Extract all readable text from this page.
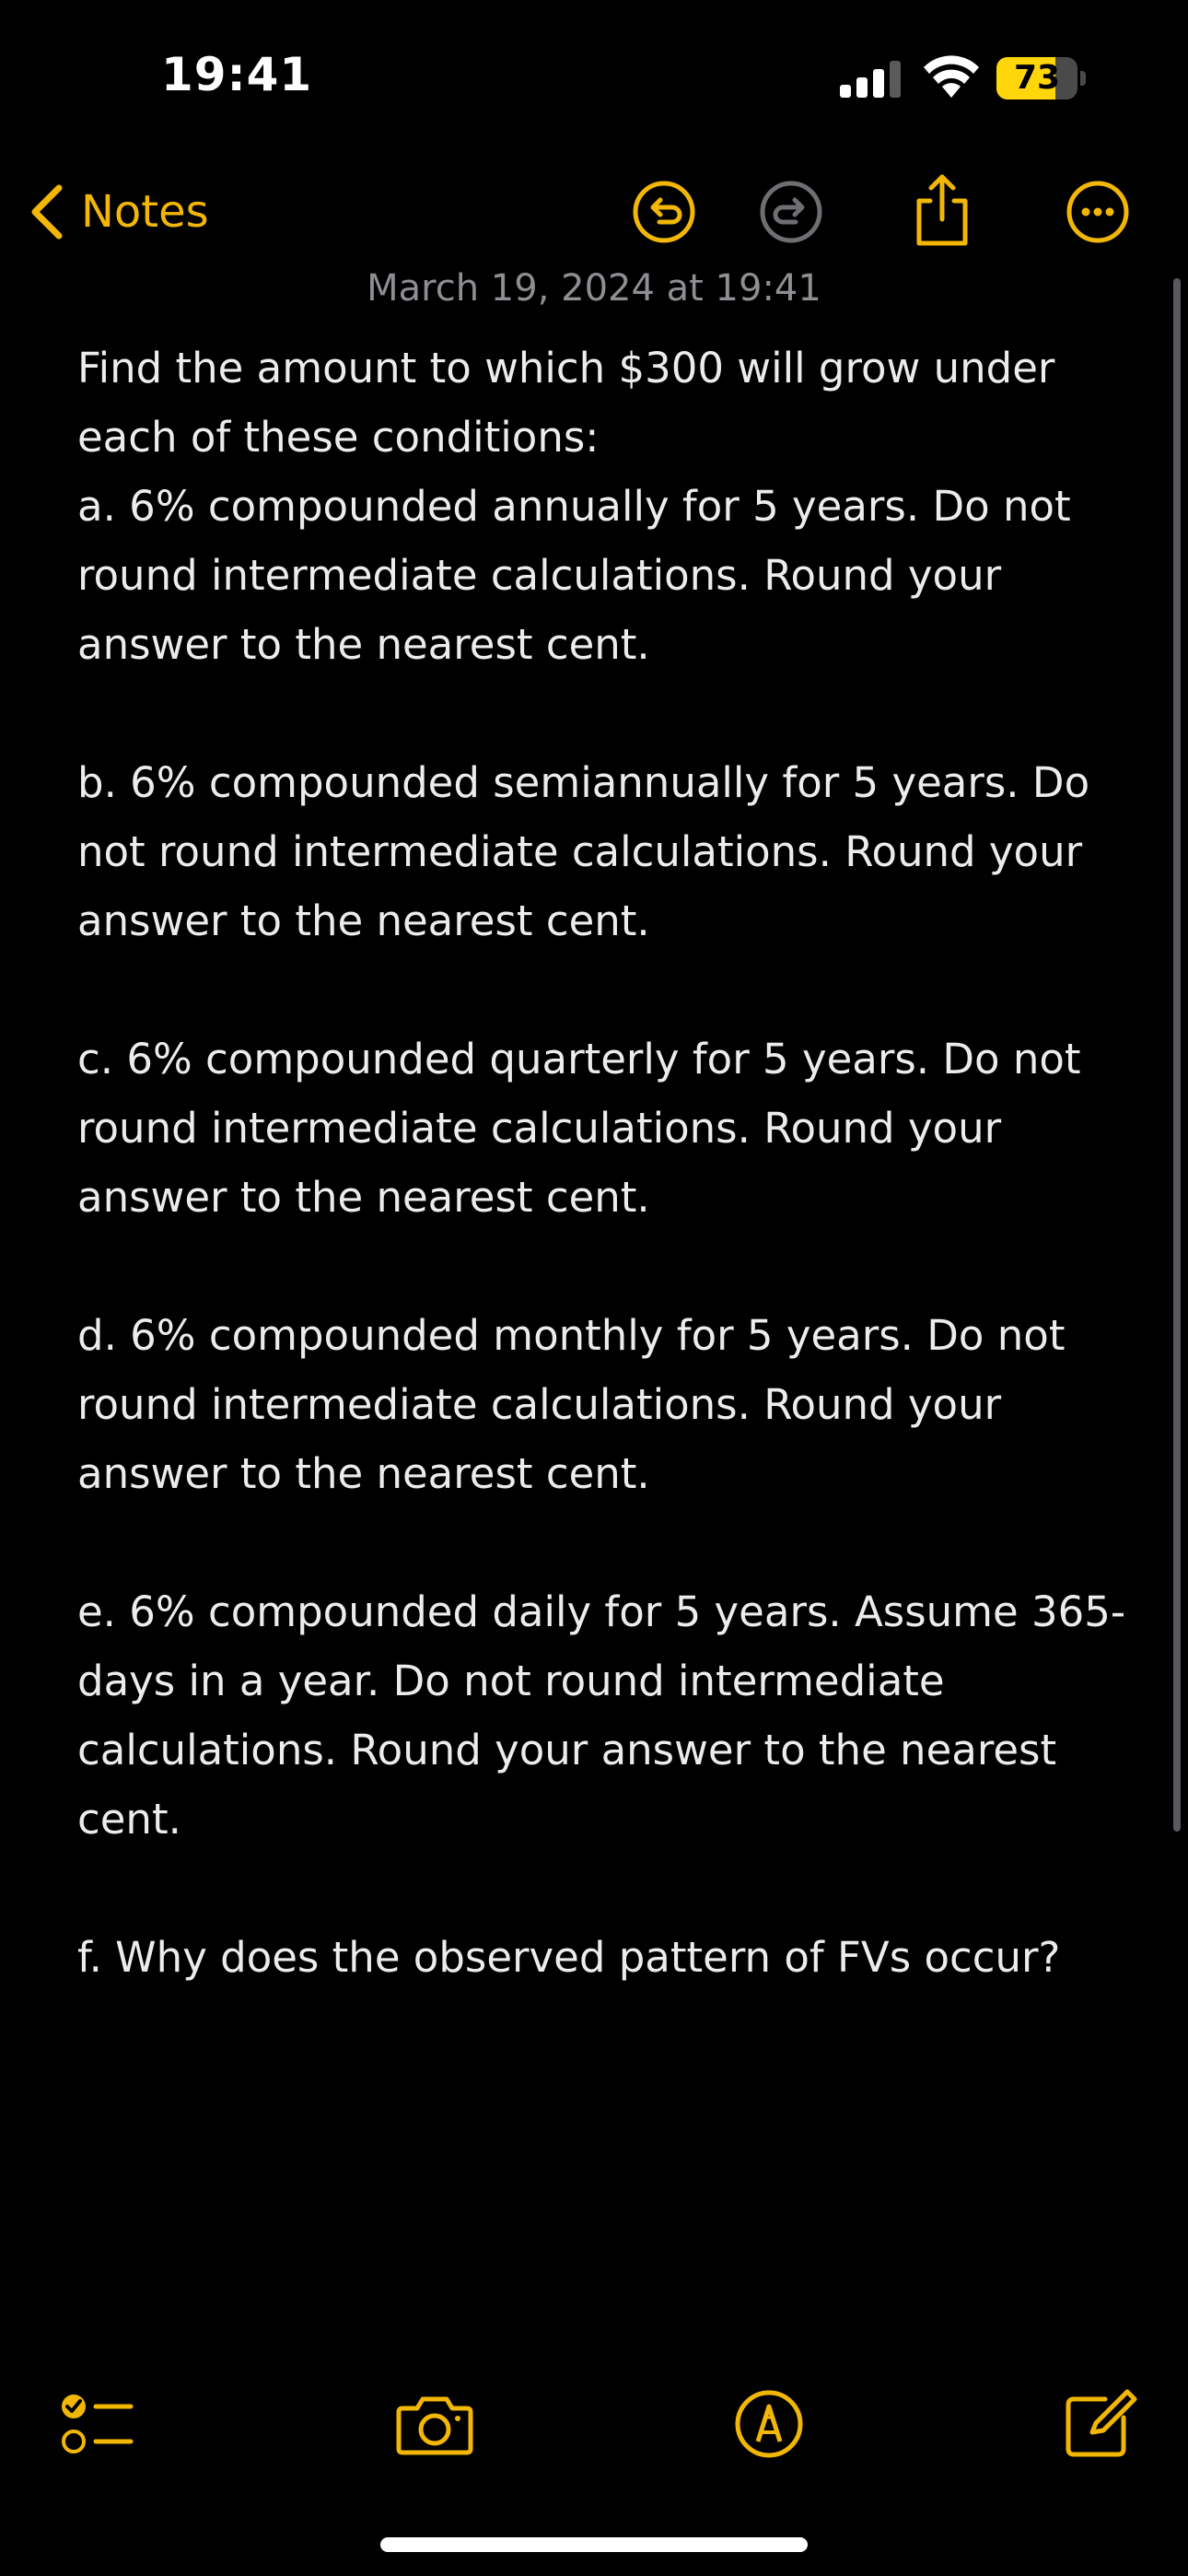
19:41	73
Notes
March 19, 2024 at 19:41

Find the amount to which $300 will grow under each of these conditions:
a. 6% compounded annually for 5 years. Do not round intermediate calculations. Round your answer to the nearest cent.

b. 6% compounded semiannually for 5 years. Do not round intermediate calculations. Round your answer to the nearest cent.

c. 6% compounded quarterly for 5 years. Do not round intermediate calculations. Round your answer to the nearest cent.

d. 6% compounded monthly for 5 years. Do not round intermediate calculations. Round your answer to the nearest cent.

e. 6% compounded daily for 5 years. Assume 365-days in a year. Do not round intermediate calculations. Round your answer to the nearest cent.

f. Why does the observed pattern of FVs occur?
